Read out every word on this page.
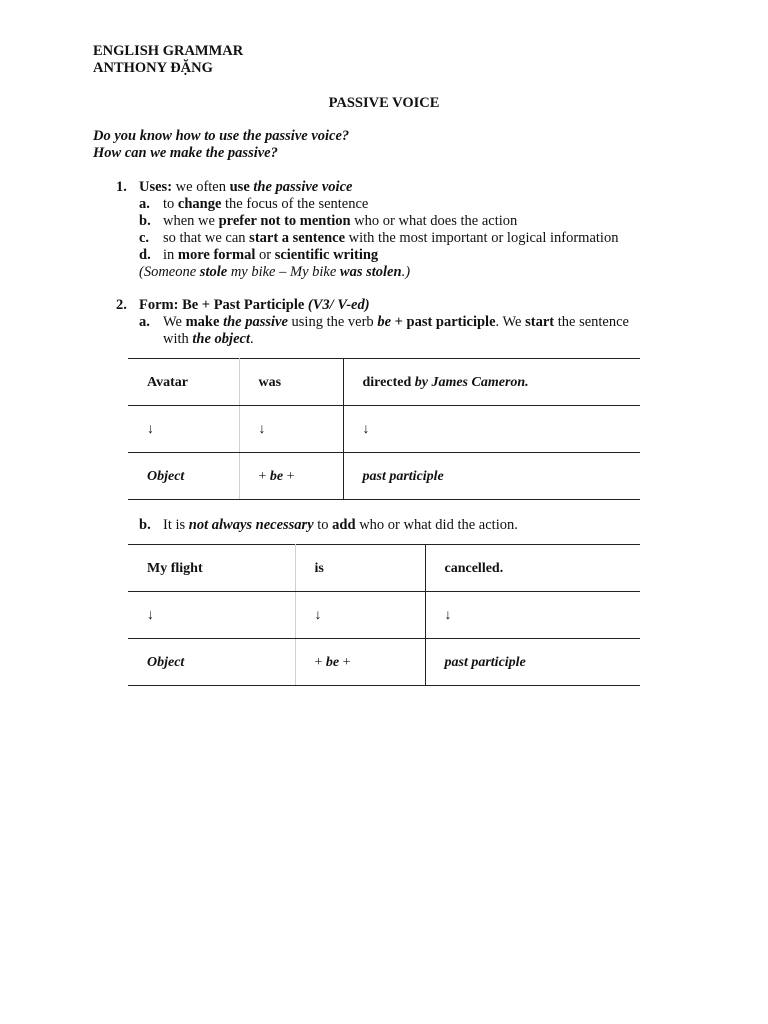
ENGLISH GRAMMAR
ANTHONY ĐẶNG
PASSIVE VOICE
Do you know how to use the passive voice?
How can we make the passive?
1. Uses: we often use the passive voice
a. to change the focus of the sentence
b. when we prefer not to mention who or what does the action
c. so that we can start a sentence with the most important or logical information
d. in more formal or scientific writing
(Someone stole my bike – My bike was stolen.)
2. Form: Be + Past Participle (V3/ V-ed)
a. We make the passive using the verb be + past participle. We start the sentence
with the object.
Avatar	was	directed by James Cameron.
↓	↓	↓
Object	+ be +	past participle
b. It is not always necessary to add who or what did the action.
My flight	is	cancelled.
↓	↓	↓
Object	+ be +	past participle
